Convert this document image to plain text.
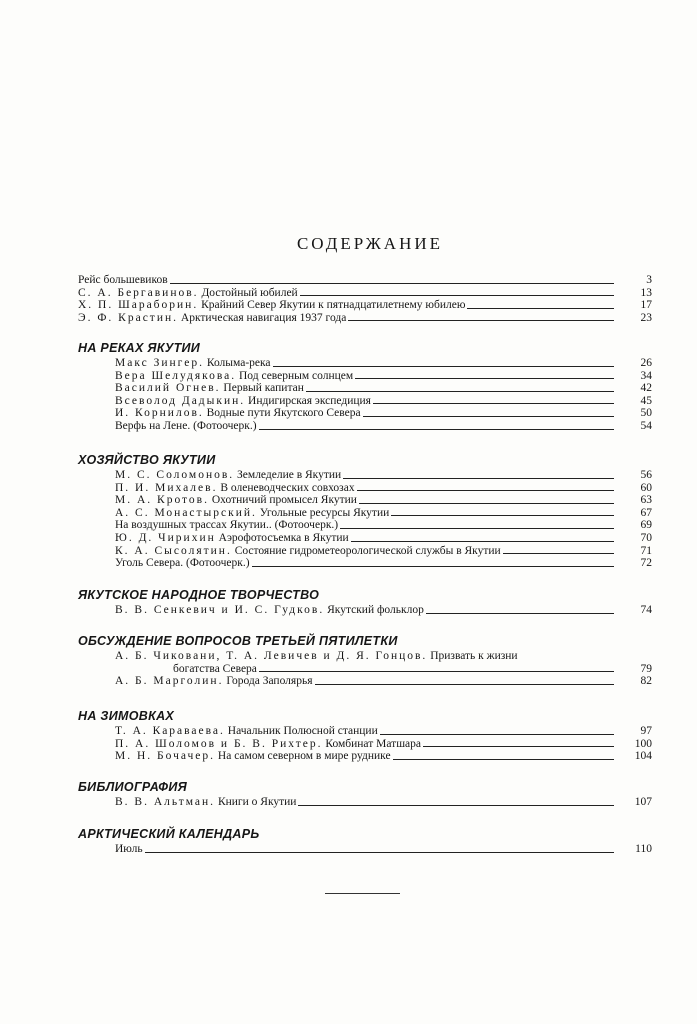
СОДЕРЖАНИЕ
Рейс большевиков	3
С. А. Бергавинов. Достойный юбилей	13
Х. П. Шараборин. Крайний Север Якутии к пятнадцатилетнему юбилею	17
Э. Ф. Крастин. Арктическая навигация 1937 года	23
НА РЕКАХ ЯКУТИИ
Макс Зингер. Колыма-река	26
Вера Шелудякова. Под северным солнцем	34
Василий Огнев. Первый капитан	42
Всеволод Дадыкин. Индигирская экспедиция	45
И. Корнилов. Водные пути Якутского Севера	50
Верфь на Лене. (Фотоочерк.)	54
ХОЗЯЙСТВО ЯКУТИИ
М. С. Соломонов. Земледелие в Якутии	56
П. И. Михалев. В оленеводческих совхозах	60
М. А. Кротов. Охотничий промысел Якутии	63
А. С. Монастырский. Угольные ресурсы Якутии	67
На воздушных трассах Якутии.. (Фотоочерк.)	69
Ю. Д. Чирихин Аэрофотосъемка в Якутии	70
К. А. Сысолятин. Состояние гидрометеорологической службы в Якутии	71
Уголь Севера. (Фотоочерк.)	72
ЯКУТСКОЕ НАРОДНОЕ ТВОРЧЕСТВО
В. В. Сенкевич и И. С. Гудков. Якутский фольклор	74
ОБСУЖДЕНИЕ ВОПРОСОВ ТРЕТЬЕЙ ПЯТИЛЕТКИ
А. Б. Чиковани, Т. А. Левичев и Д. Я. Гонцов. Призвать к жизни
богатства Севера	79
А. Б. Марголин. Города Заполярья	82
НА ЗИМОВКАХ
Т. А. Караваева. Начальник Полюсной станции	97
П. А. Шоломов и Б. В. Рихтер. Комбинат Матшара	100
М. Н. Бочачер. На самом северном в мире руднике	104
БИБЛИОГРАФИЯ
В. В. Альтман. Книги о Якутии	107
АРКТИЧЕСКИЙ КАЛЕНДАРЬ
Июль	110
